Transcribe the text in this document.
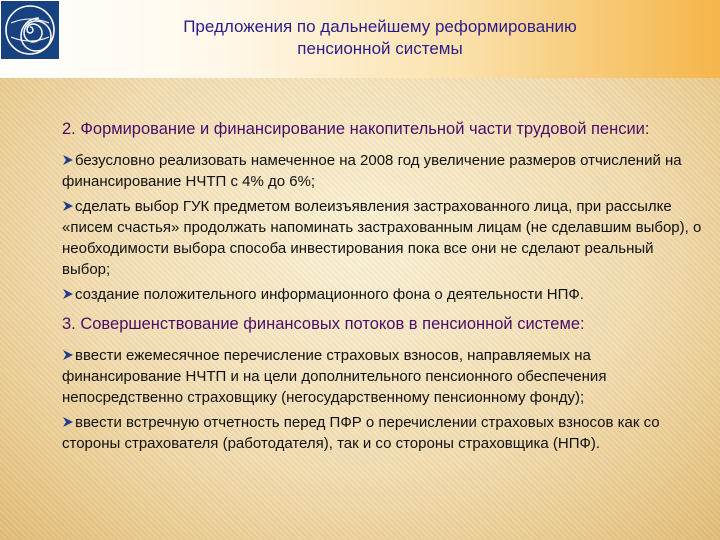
Предложения по дальнейшему реформированию
пенсионной системы
2. Формирование и финансирование накопительной части трудовой пенсии:
безусловно реализовать намеченное на 2008 год увеличение размеров отчислений на финансирование НЧТП с 4% до 6%;
сделать выбор ГУК предметом волеизъявления застрахованного лица, при рассылке «писем счастья» продолжать напоминать застрахованным лицам (не сделавшим выбор), о необходимости выбора способа инвестирования пока все они не сделают реальный выбор;
создание положительного информационного фона о деятельности НПФ.
3. Совершенствование финансовых потоков в пенсионной системе:
ввести ежемесячное перечисление страховых взносов, направляемых на финансирование НЧТП и на цели дополнительного пенсионного обеспечения непосредственно страховщику (негосударственному пенсионному фонду);
ввести встречную отчетность перед ПФР о перечислении страховых взносов как со стороны страхователя (работодателя), так и со стороны страховщика (НПФ).
